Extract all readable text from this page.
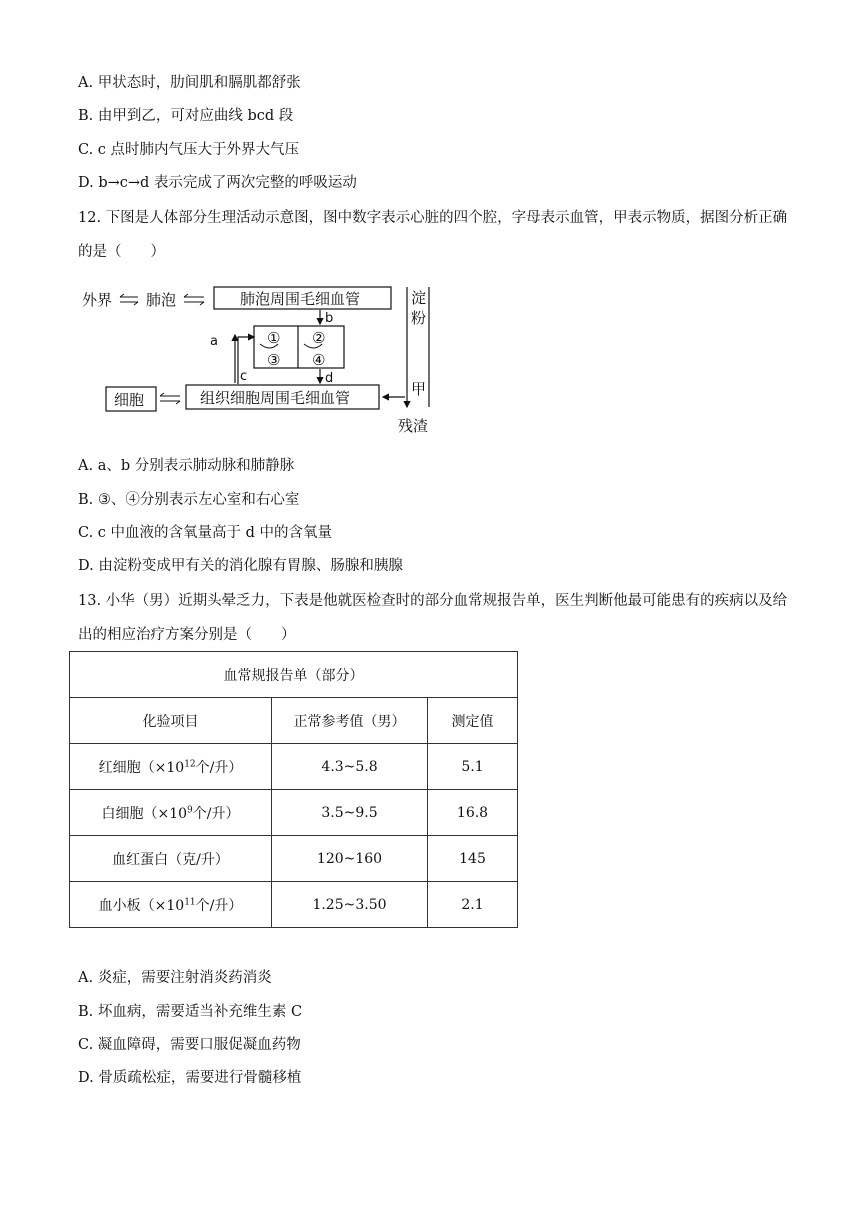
A. 甲状态时，肋间肌和膈肌都舒张
B. 由甲到乙，可对应曲线 bcd 段
C. c 点时肺内气压大于外界大气压
D. b→c→d 表示完成了两次完整的呼吸运动
12. 下图是人体部分生理活动示意图，图中数字表示心脏的四个腔，字母表示血管，甲表示物质，据图分析正确的是（　　）
外界 肺泡	肺泡周围毛细血管
① ②
③ ④
b
a
c	d
细胞	组织细胞周围毛细血管
淀
粉
甲
残渣
A. a、b 分别表示肺动脉和肺静脉
B. ③、④分别表示左心室和右心室
C. c 中血液的含氧量高于 d 中的含氧量
D. 由淀粉变成甲有关的消化腺有胃腺、肠腺和胰腺
13. 小华（男）近期头晕乏力，下表是他就医检查时的部分血常规报告单，医生判断他最可能患有的疾病以及给出的相应治疗方案分别是（　　）
血常规报告单（部分）		
化验项目	正常参考值（男）	测定值
红细胞（$\times 10^{12}$个/升）	4.3~5.8	5.1
白细胞（$\times 10^9$个/升）	3.5~9.5	16.8
血红蛋白（克/升）	120~160	145
血小板（$\times 10^{11}$个/升）	1.25~3.50	2.1
A. 炎症，需要注射消炎药消炎
B. 坏血病，需要适当补充维生素 C
C. 凝血障碍，需要口服促凝血药物
D. 骨质疏松症，需要进行骨髓移植
